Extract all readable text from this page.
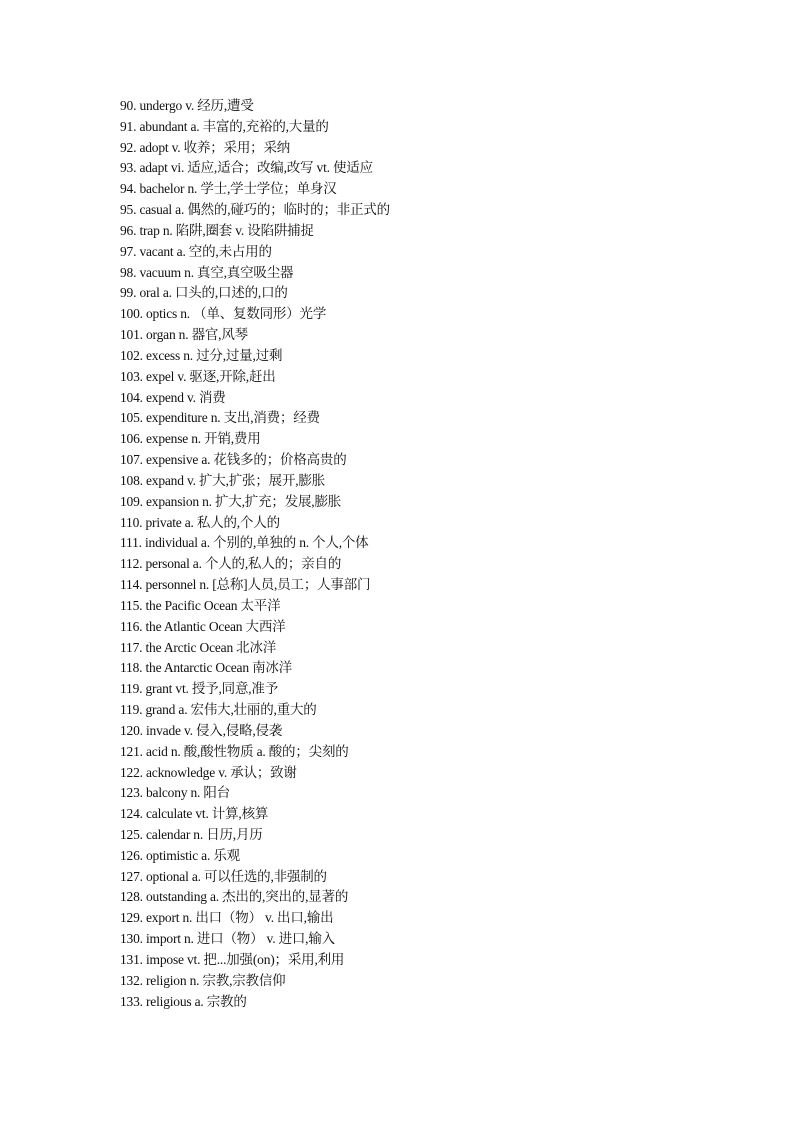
90. undergo v. 经历,遭受
91. abundant a. 丰富的,充裕的,大量的
92. adopt v. 收养；采用；采纳
93. adapt vi. 适应,适合；改编,改写 vt. 使适应
94. bachelor n. 学士,学士学位；单身汉
95. casual a. 偶然的,碰巧的；临时的；非正式的
96. trap n. 陷阱,圈套 v. 设陷阱捕捉
97. vacant a. 空的,未占用的
98. vacuum n. 真空,真空吸尘器
99. oral a. 口头的,口述的,口的
100. optics n. （单、复数同形）光学
101. organ n. 器官,风琴
102. excess n. 过分,过量,过剩
103. expel v. 驱逐,开除,赶出
104. expend v. 消费
105. expenditure n. 支出,消费；经费
106. expense n. 开销,费用
107. expensive a. 花钱多的；价格高贵的
108. expand v. 扩大,扩张；展开,膨胀
109. expansion n. 扩大,扩充；发展,膨胀
110. private a. 私人的,个人的
111. individual a. 个别的,单独的 n. 个人,个体
112. personal a. 个人的,私人的；亲自的
114. personnel n. [总称]人员,员工；人事部门
115. the Pacific Ocean 太平洋
116. the Atlantic Ocean 大西洋
117. the Arctic Ocean 北冰洋
118. the Antarctic Ocean 南冰洋
119. grant vt. 授予,同意,准予
119. grand a. 宏伟大,壮丽的,重大的
120. invade v. 侵入,侵略,侵袭
121. acid n. 酸,酸性物质 a. 酸的；尖刻的
122. acknowledge v. 承认；致谢
123. balcony n. 阳台
124. calculate vt. 计算,核算
125. calendar n. 日历,月历
126. optimistic a. 乐观
127. optional a. 可以任选的,非强制的
128. outstanding a. 杰出的,突出的,显著的
129. export n. 出口（物） v. 出口,输出
130. import n. 进口（物） v. 进口,输入
131. impose vt. 把...加强(on)；采用,利用
132. religion n. 宗教,宗教信仰
133. religious a. 宗教的
